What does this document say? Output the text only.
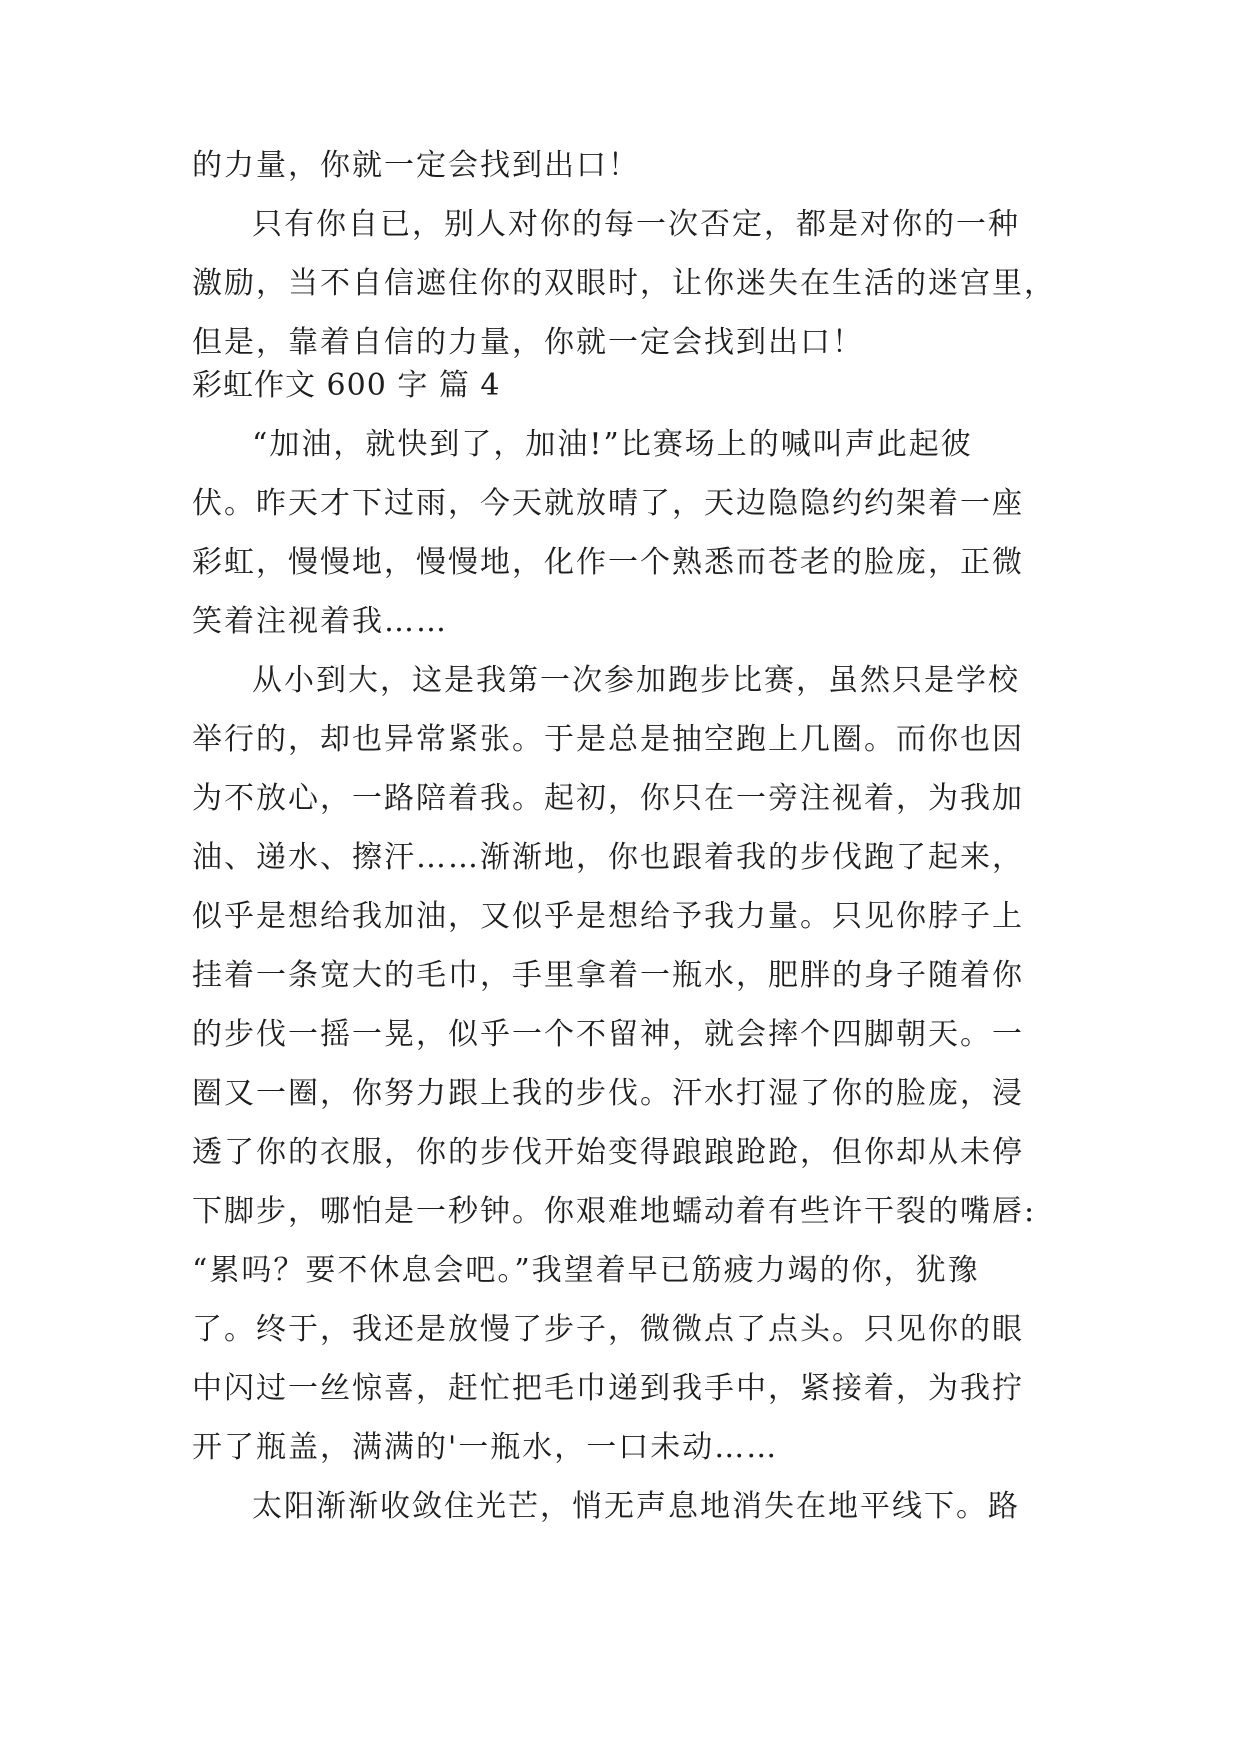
的力量，你就一定会找到出口！
只有你自已，别人对你的每一次否定，都是对你的一种
激励，当不自信遮住你的双眼时，让你迷失在生活的迷宫里，
但是，靠着自信的力量，你就一定会找到出口！
彩虹作文 600 字 篇 4
“加油，就快到了，加油!”比赛场上的喊叫声此起彼
伏。昨天才下过雨，今天就放晴了，天边隐隐约约架着一座
彩虹，慢慢地，慢慢地，化作一个熟悉而苍老的脸庞，正微
笑着注视着我……
从小到大，这是我第一次参加跑步比赛，虽然只是学校
举行的，却也异常紧张。于是总是抽空跑上几圈。而你也因
为不放心，一路陪着我。起初，你只在一旁注视着，为我加
油、递水、擦汗……渐渐地，你也跟着我的步伐跑了起来，
似乎是想给我加油，又似乎是想给予我力量。只见你脖子上
挂着一条宽大的毛巾，手里拿着一瓶水，肥胖的身子随着你
的步伐一摇一晃，似乎一个不留神，就会摔个四脚朝天。一
圈又一圈，你努力跟上我的步伐。汗水打湿了你的脸庞，浸
透了你的衣服，你的步伐开始变得踉踉跄跄，但你却从未停
下脚步，哪怕是一秒钟。你艰难地蠕动着有些许干裂的嘴唇:
“累吗？要不休息会吧。”我望着早已筋疲力竭的你，犹豫
了。终于，我还是放慢了步子，微微点了点头。只见你的眼
中闪过一丝惊喜，赶忙把毛巾递到我手中，紧接着，为我拧
开了瓶盖，满满的'一瓶水，一口未动……
太阳渐渐收敛住光芒，悄无声息地消失在地平线下。路
